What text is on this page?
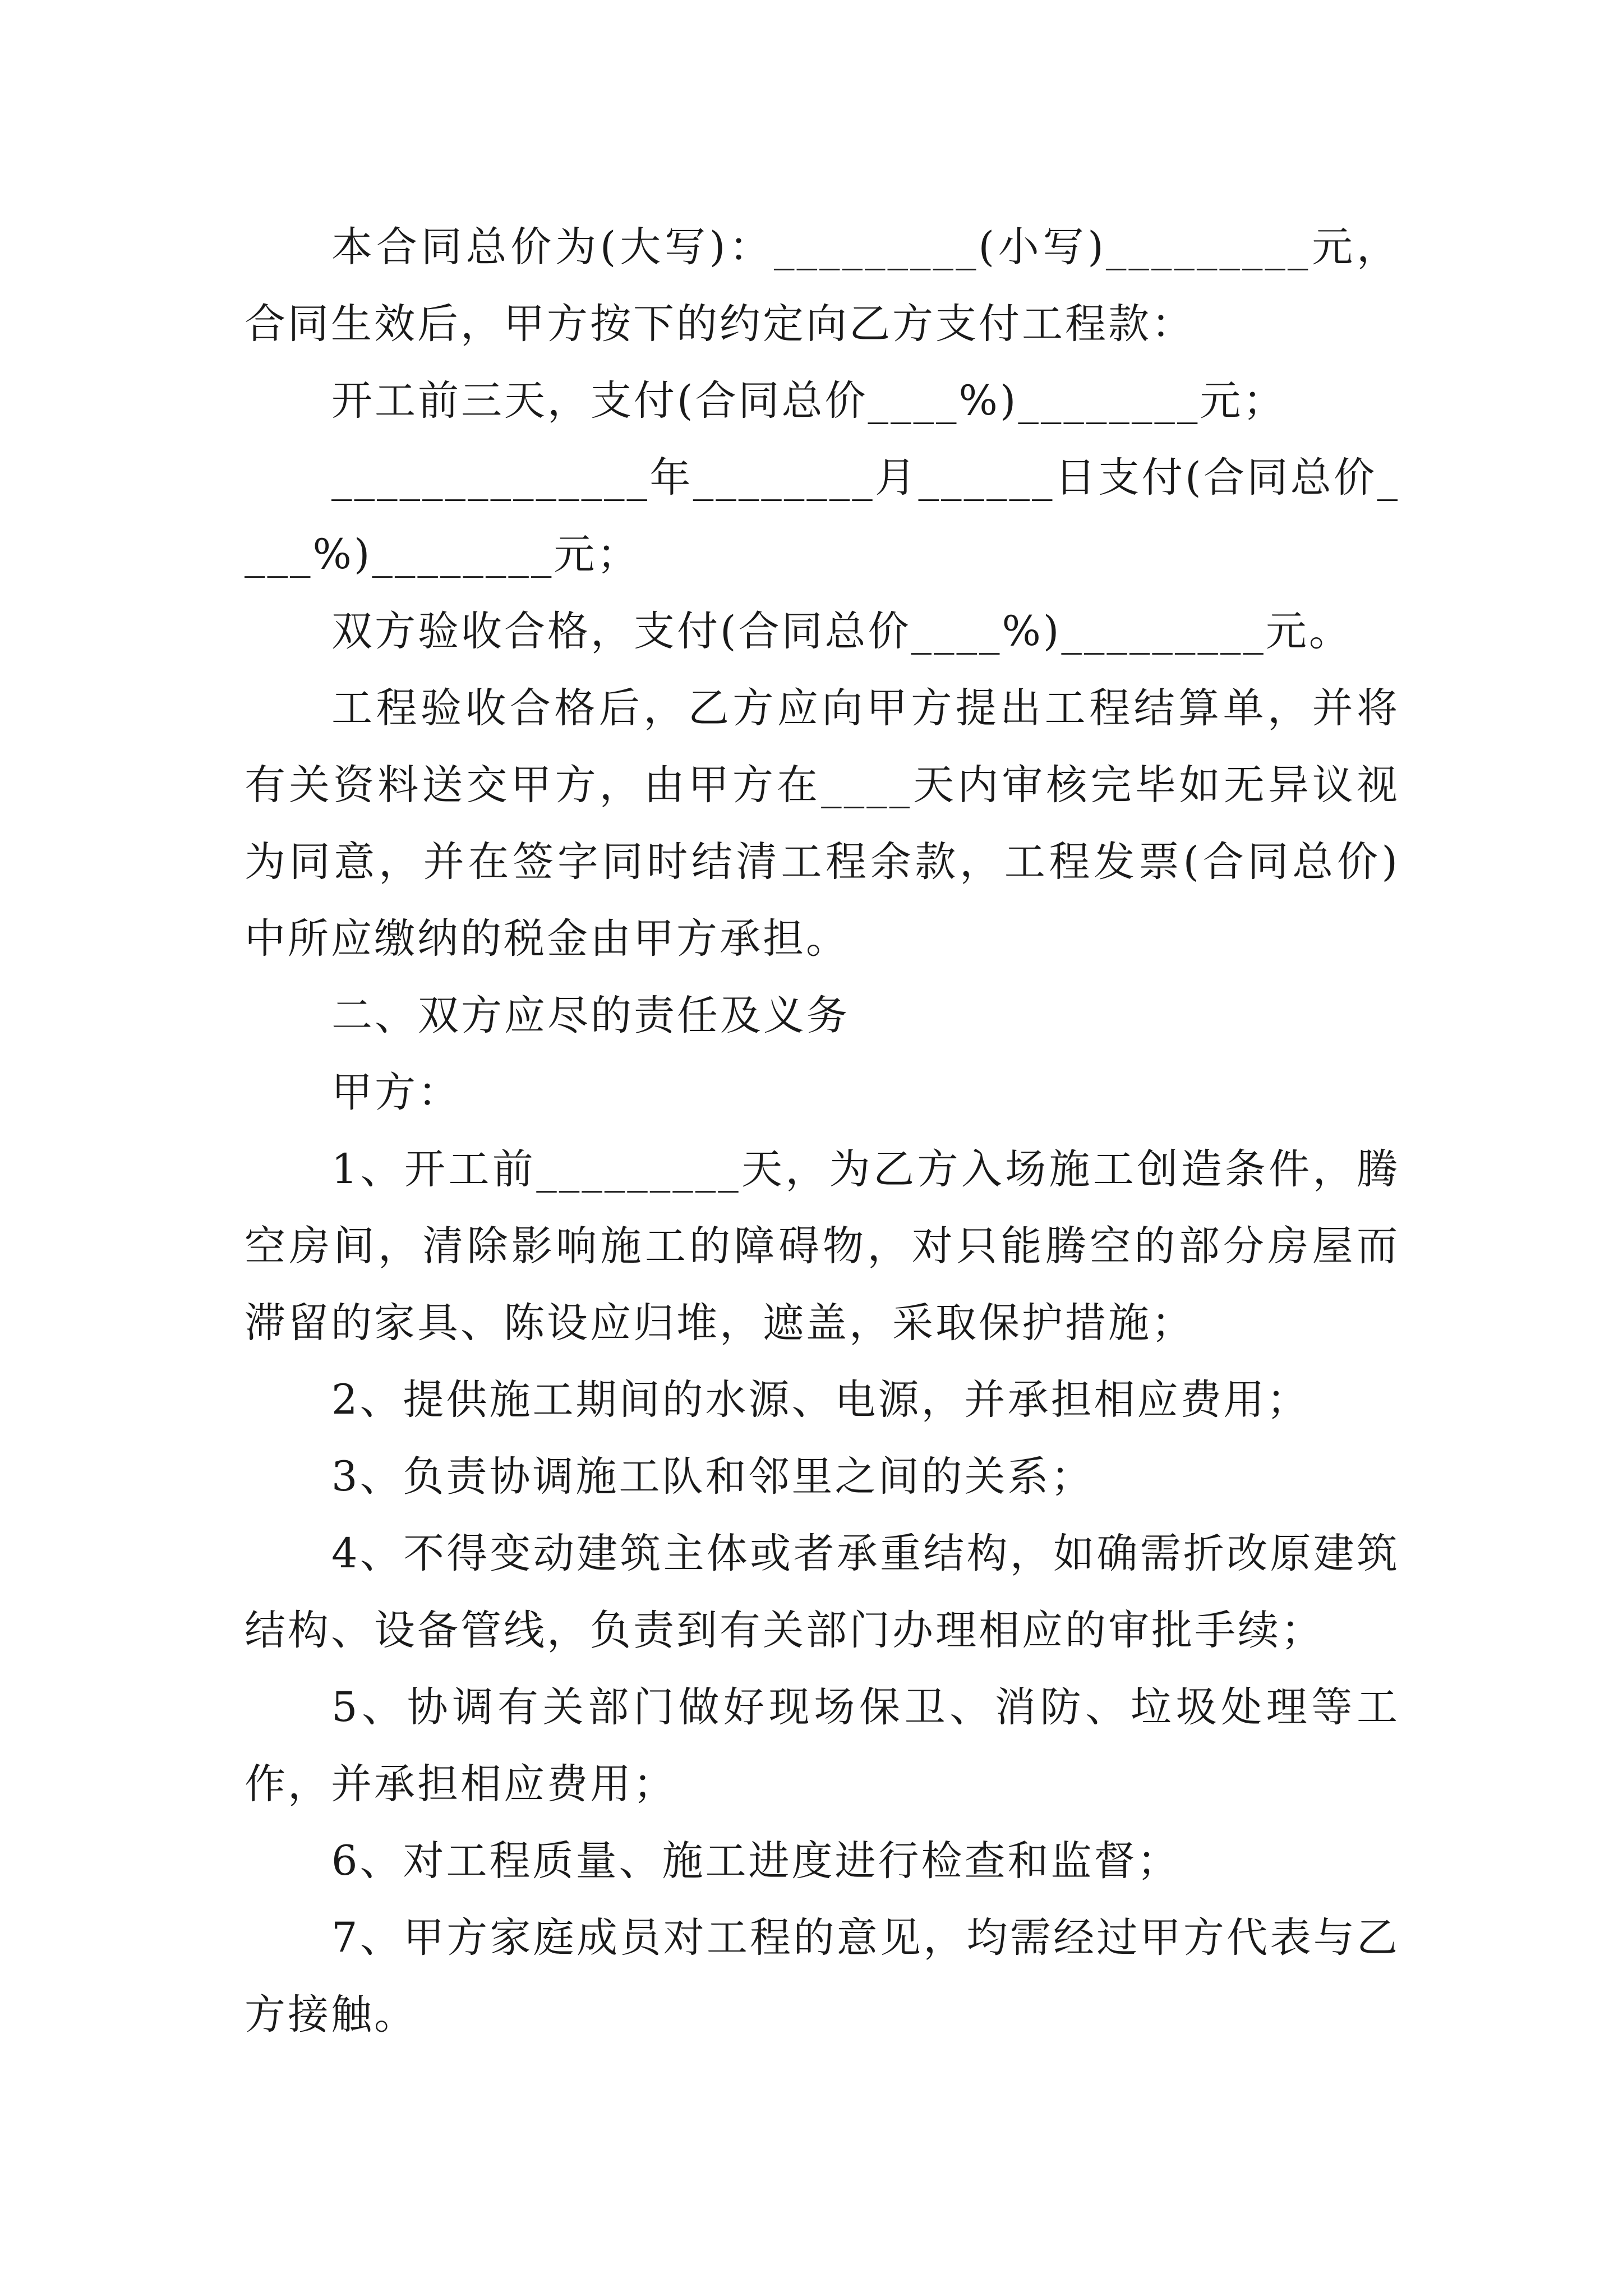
本合同总价为(大写)：_________(小写)_________元，合同生效后，甲方按下的约定向乙方支付工程款：

开工前三天，支付(合同总价____%)________元；

______________年________月______日支付(合同总价____%)________元；

双方验收合格，支付(合同总价____%)_________元。

工程验收合格后，乙方应向甲方提出工程结算单，并将有关资料送交甲方，由甲方在____天内审核完毕如无异议视为同意，并在签字同时结清工程余款，工程发票(合同总价)中所应缴纳的税金由甲方承担。

二、双方应尽的责任及义务

甲方：

1、开工前_________天，为乙方入场施工创造条件，腾空房间，清除影响施工的障碍物，对只能腾空的部分房屋而滞留的家具、陈设应归堆，遮盖，采取保护措施；

2、提供施工期间的水源、电源，并承担相应费用；

3、负责协调施工队和邻里之间的关系；

4、不得变动建筑主体或者承重结构，如确需折改原建筑结构、设备管线，负责到有关部门办理相应的审批手续；

5、协调有关部门做好现场保卫、消防、垃圾处理等工作，并承担相应费用；

6、对工程质量、施工进度进行检查和监督；

7、甲方家庭成员对工程的意见，均需经过甲方代表与乙方接触。
